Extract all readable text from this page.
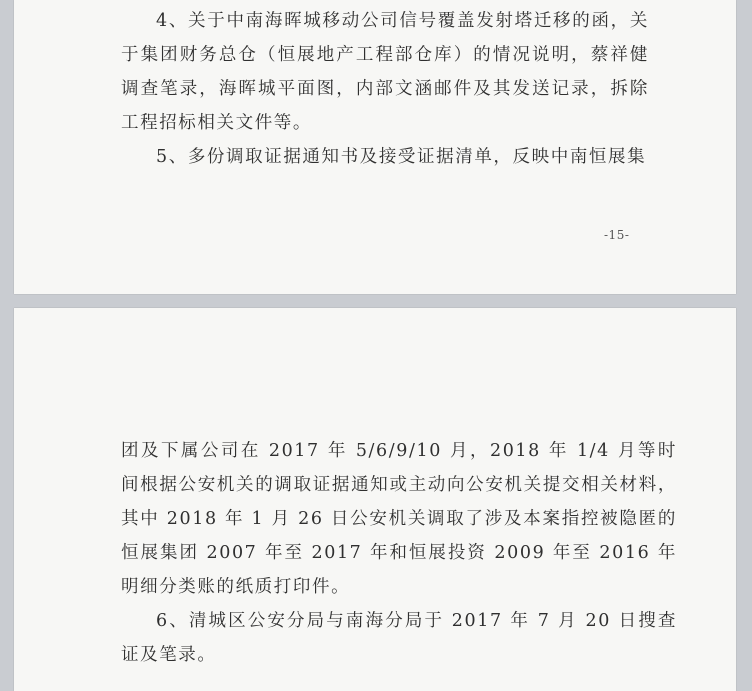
4、关于中南海晖城移动公司信号覆盖发射塔迁移的函，关于集团财务总仓（恒展地产工程部仓库）的情况说明，蔡祥健调查笔录，海晖城平面图，内部文涵邮件及其发送记录，拆除工程招标相关文件等。

5、多份调取证据通知书及接受证据清单，反映中南恒展集

-15-

团及下属公司在 2017 年 5/6/9/10 月，2018 年 1/4 月等时间根据公安机关的调取证据通知或主动向公安机关提交相关材料，其中 2018 年 1 月 26 日公安机关调取了涉及本案指控被隐匿的恒展集团 2007 年至 2017 年和恒展投资 2009 年至 2016 年明细分类账的纸质打印件。

6、清城区公安分局与南海分局于 2017 年 7 月 20 日搜查证及笔录。
